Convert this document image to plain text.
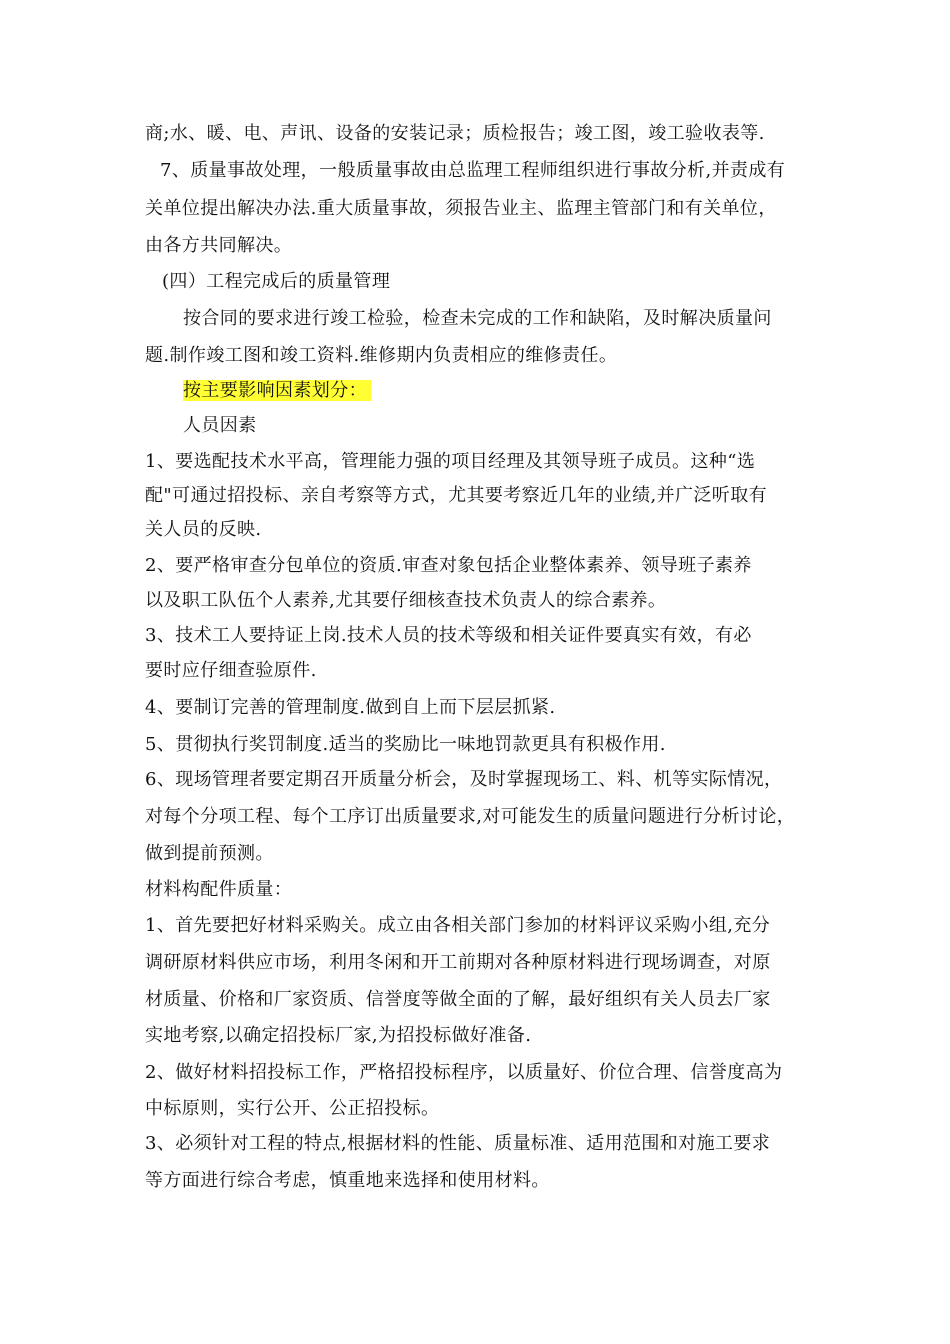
商;水、暖、电、声讯、设备的安装记录；质检报告；竣工图，竣工验收表等.
7、质量事故处理，一般质量事故由总监理工程师组织进行事故分析,并责成有
关单位提出解决办法.重大质量事故，须报告业主、监理主管部门和有关单位，
由各方共同解决。
(四）工程完成后的质量管理
按合同的要求进行竣工检验，检查未完成的工作和缺陷，及时解决质量问
题.制作竣工图和竣工资料.维修期内负责相应的维修责任。
按主要影响因素划分：
人员因素
1、要选配技术水平高，管理能力强的项目经理及其领导班子成员。这种“选
配"可通过招投标、亲自考察等方式，尤其要考察近几年的业绩,并广泛听取有
关人员的反映.
2、要严格审查分包单位的资质.审查对象包括企业整体素养、领导班子素养
以及职工队伍个人素养,尤其要仔细核查技术负责人的综合素养。
3、技术工人要持证上岗.技术人员的技术等级和相关证件要真实有效，有必
要时应仔细查验原件.
4、要制订完善的管理制度.做到自上而下层层抓紧.
5、贯彻执行奖罚制度.适当的奖励比一味地罚款更具有积极作用.
6、现场管理者要定期召开质量分析会，及时掌握现场工、料、机等实际情况，
对每个分项工程、每个工序订出质量要求,对可能发生的质量问题进行分析讨论，
做到提前预测。
材料构配件质量：
1、首先要把好材料采购关。成立由各相关部门参加的材料评议采购小组,充分
调研原材料供应市场，利用冬闲和开工前期对各种原材料进行现场调查，对原
材质量、价格和厂家资质、信誉度等做全面的了解，最好组织有关人员去厂家
实地考察,以确定招投标厂家,为招投标做好准备.
2、做好材料招投标工作，严格招投标程序，以质量好、价位合理、信誉度高为
中标原则，实行公开、公正招投标。
3、必须针对工程的特点,根据材料的性能、质量标准、适用范围和对施工要求
等方面进行综合考虑，慎重地来选择和使用材料。
